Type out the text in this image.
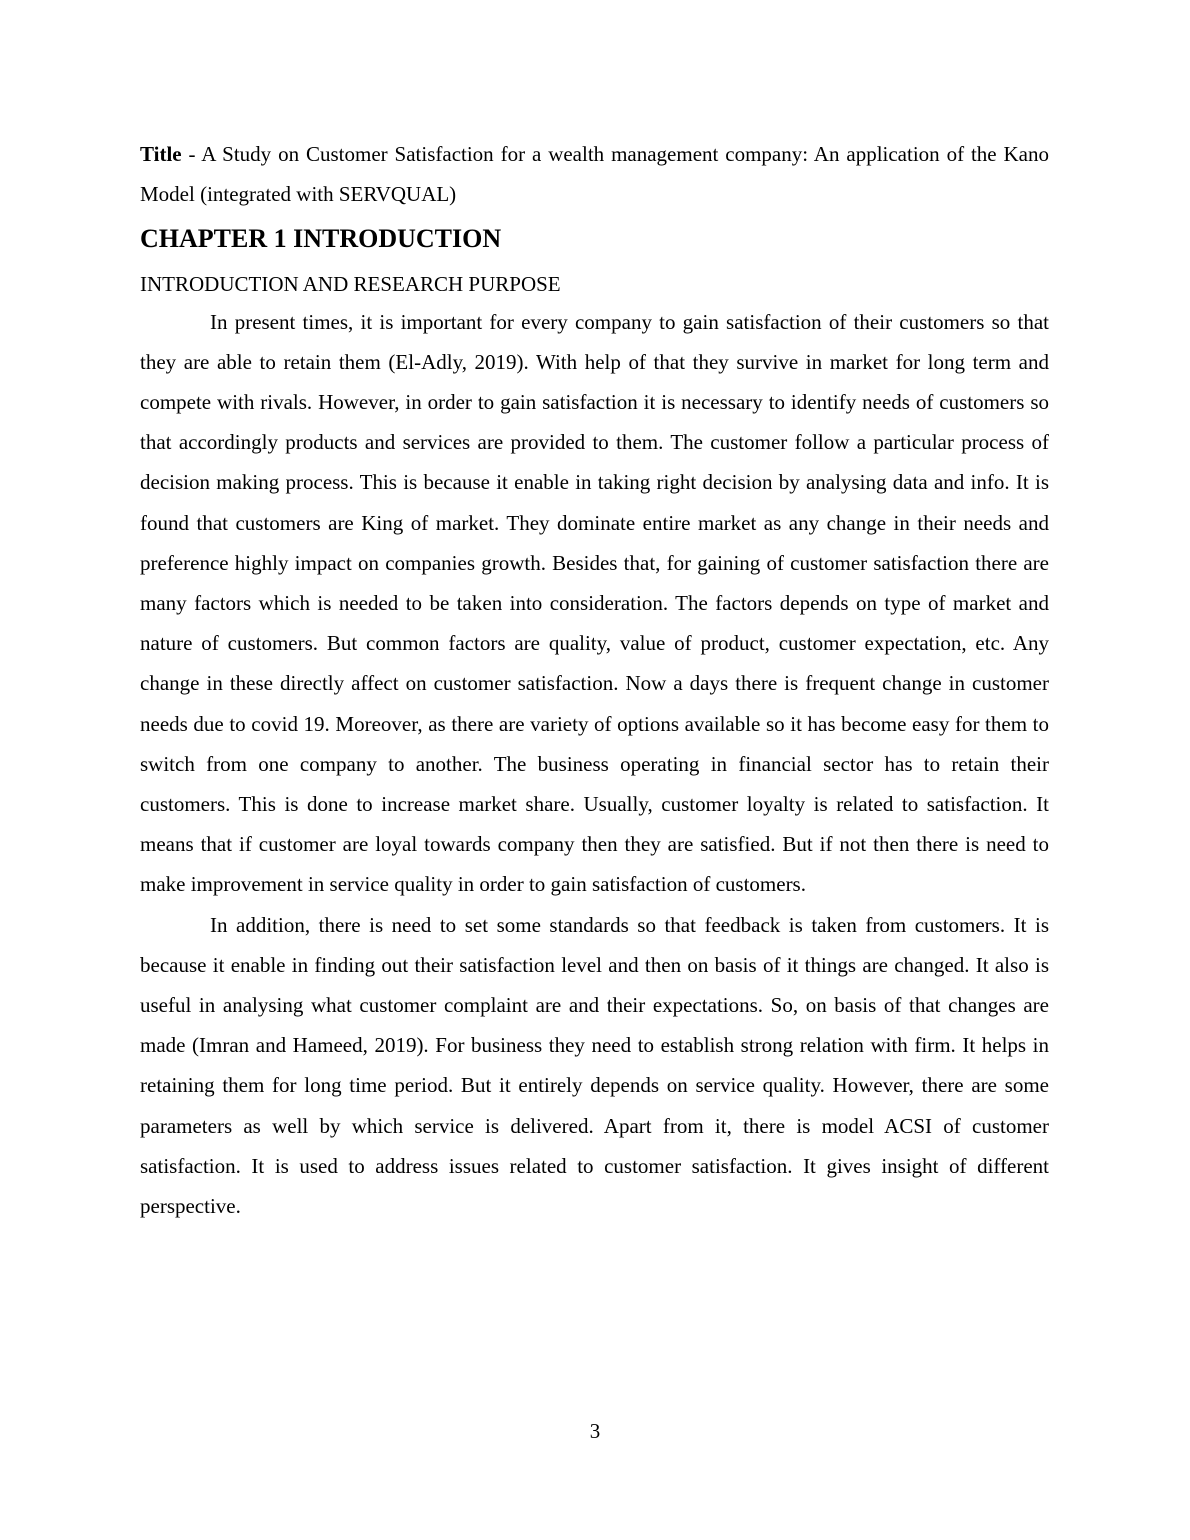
Title - A Study on Customer Satisfaction for a wealth management company: An application of the Kano Model (integrated with SERVQUAL)

CHAPTER 1 INTRODUCTION
INTRODUCTION AND RESEARCH PURPOSE

In present times, it is important for every company to gain satisfaction of their customers so that they are able to retain them (El-Adly, 2019). With help of that they survive in market for long term and compete with rivals. However, in order to gain satisfaction it is necessary to identify needs of customers so that accordingly products and services are provided to them. The customer follow a particular process of decision making process. This is because it enable in taking right decision by analysing data and info. It is found that customers are King of market. They dominate entire market as any change in their needs and preference highly impact on companies growth. Besides that, for gaining of customer satisfaction there are many factors which is needed to be taken into consideration. The factors depends on type of market and nature of customers. But common factors are quality, value of product, customer expectation, etc. Any change in these directly affect on customer satisfaction. Now a days there is frequent change in customer needs due to covid 19. Moreover, as there are variety of options available so it has become easy for them to switch from one company to another. The business operating in financial sector has to retain their customers. This is done to increase market share. Usually, customer loyalty is related to satisfaction. It means that if customer are loyal towards company then they are satisfied. But if not then there is need to make improvement in service quality in order to gain satisfaction of customers.

In addition, there is need to set some standards so that feedback is taken from customers. It is because it enable in finding out their satisfaction level and then on basis of it things are changed. It also is useful in analysing what customer complaint are and their expectations. So, on basis of that changes are made (Imran and Hameed, 2019). For business they need to establish strong relation with firm. It helps in retaining them for long time period. But it entirely depends on service quality. However, there are some parameters as well by which service is delivered. Apart from it, there is model ACSI of customer satisfaction. It is used to address issues related to customer satisfaction. It gives insight of different perspective.

3
